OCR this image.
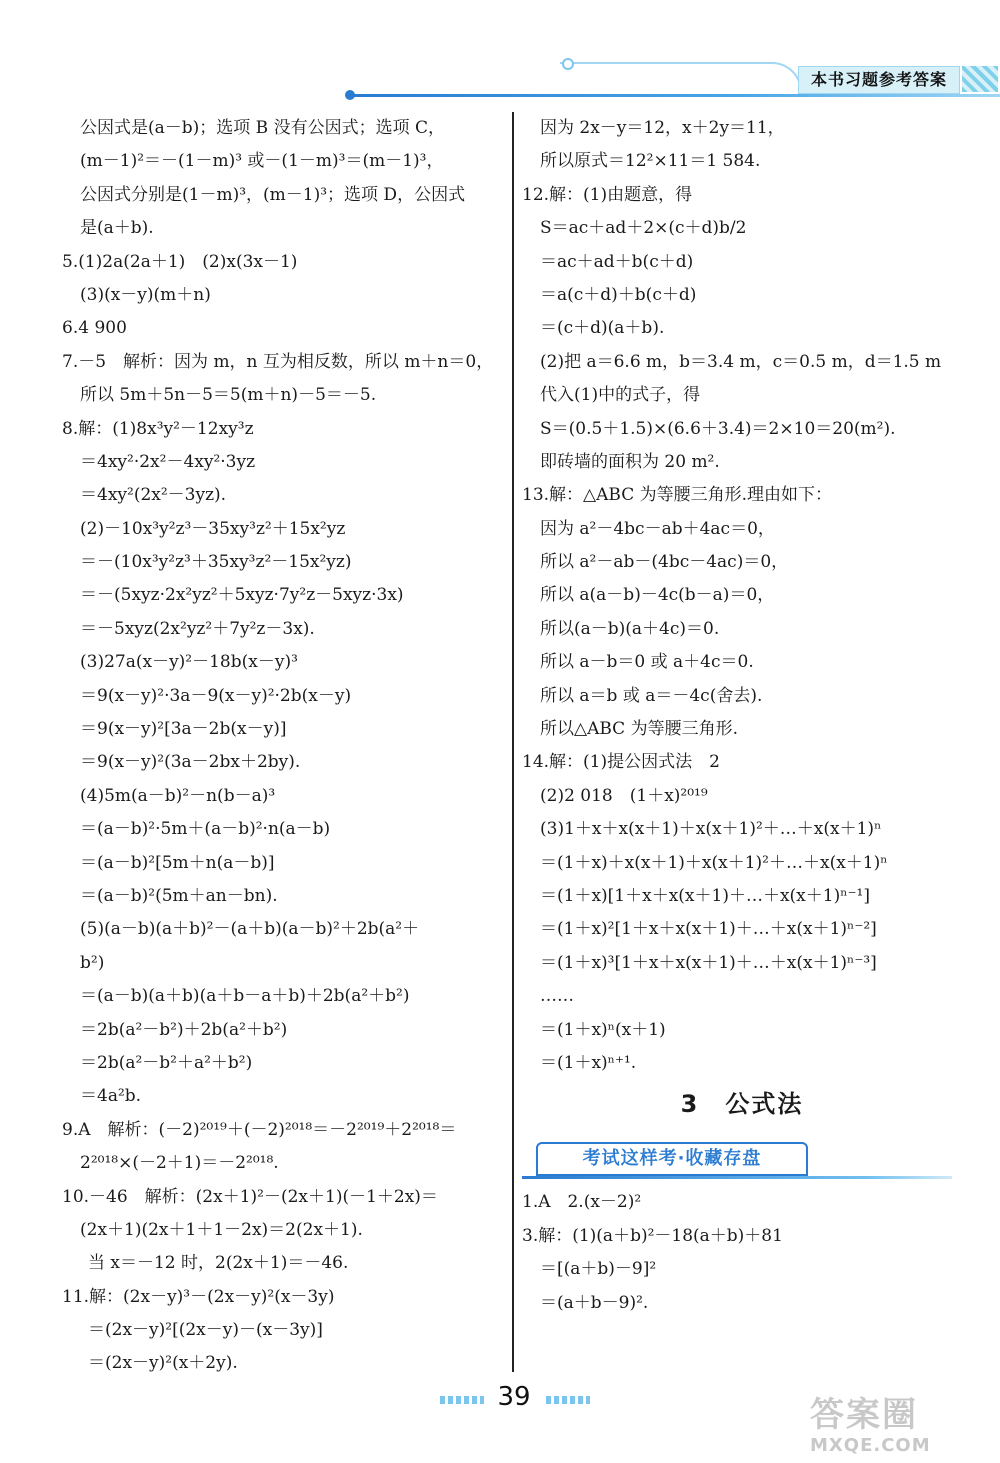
本书习题参考答案
公因式是(a－b)；选项 B 没有公因式；选项 C，
(m－1)²＝－(1－m)³ 或－(1－m)³＝(m－1)³，
公因式分别是(1－m)³，(m－1)³；选项 D，公因式
是(a＋b).
5.(1)2a(2a＋1)　(2)x(3x－1)
(3)(x－y)(m＋n)
6.4 900
7.－5　解析：因为 m，n 互为相反数，所以 m＋n＝0，
所以 5m＋5n－5＝5(m＋n)－5＝－5.
8.解：(1)8x³y²－12xy³z
＝4xy²·2x²－4xy²·3yz
＝4xy²(2x²－3yz).
(2)－10x³y²z³－35xy³z²＋15x²yz
＝－(10x³y²z³＋35xy³z²－15x²yz)
＝－(5xyz·2x²yz²＋5xyz·7y²z－5xyz·3x)
＝－5xyz(2x²yz²＋7y²z－3x).
(3)27a(x－y)²－18b(x－y)³
＝9(x－y)²·3a－9(x－y)²·2b(x－y)
＝9(x－y)²[3a－2b(x－y)]
＝9(x－y)²(3a－2bx＋2by).
(4)5m(a－b)²－n(b－a)³
＝(a－b)²·5m＋(a－b)²·n(a－b)
＝(a－b)²[5m＋n(a－b)]
＝(a－b)²(5m＋an－bn).
(5)(a－b)(a＋b)²－(a＋b)(a－b)²＋2b(a²＋
b²)
＝(a－b)(a＋b)(a＋b－a＋b)＋2b(a²＋b²)
＝2b(a²－b²)＋2b(a²＋b²)
＝2b(a²－b²＋a²＋b²)
＝4a²b.
9.A　解析：(－2)²⁰¹⁹＋(－2)²⁰¹⁸＝－2²⁰¹⁹＋2²⁰¹⁸＝
2²⁰¹⁸×(－2＋1)＝－2²⁰¹⁸.
10.－46　解析：(2x＋1)²－(2x＋1)(－1＋2x)＝
(2x＋1)(2x＋1＋1－2x)＝2(2x＋1).
当 x＝－12 时，2(2x＋1)＝－46.
11.解：(2x－y)³－(2x－y)²(x－3y)
＝(2x－y)²[(2x－y)－(x－3y)]
＝(2x－y)²(x＋2y).
因为 2x－y＝12，x＋2y＝11，
所以原式＝12²×11＝1 584.
12.解：(1)由题意，得
S＝ac＋ad＋2×(c＋d)b/2
＝ac＋ad＋b(c＋d)
＝a(c＋d)＋b(c＋d)
＝(c＋d)(a＋b).
(2)把 a＝6.6 m，b＝3.4 m，c＝0.5 m，d＝1.5 m
代入(1)中的式子，得
S＝(0.5＋1.5)×(6.6＋3.4)＝2×10＝20(m²).
即砖墙的面积为 20 m².
13.解：△ABC 为等腰三角形.理由如下：
因为 a²－4bc－ab＋4ac＝0，
所以 a²－ab－(4bc－4ac)＝0，
所以 a(a－b)－4c(b－a)＝0，
所以(a－b)(a＋4c)＝0.
所以 a－b＝0 或 a＋4c＝0.
所以 a＝b 或 a＝－4c(舍去).
所以△ABC 为等腰三角形.
14.解：(1)提公因式法　2
(2)2 018　(1＋x)²⁰¹⁹
(3)1＋x＋x(x＋1)＋x(x＋1)²＋…＋x(x＋1)ⁿ
＝(1＋x)＋x(x＋1)＋x(x＋1)²＋…＋x(x＋1)ⁿ
＝(1＋x)[1＋x＋x(x＋1)＋…＋x(x＋1)ⁿ⁻¹]
＝(1＋x)²[1＋x＋x(x＋1)＋…＋x(x＋1)ⁿ⁻²]
＝(1＋x)³[1＋x＋x(x＋1)＋…＋x(x＋1)ⁿ⁻³]
……
＝(1＋x)ⁿ(x＋1)
＝(1＋x)ⁿ⁺¹.
3　公式法
考试这样考·收藏存盘
1.A　2.(x－2)²
3.解：(1)(a＋b)²－18(a＋b)＋81
＝[(a＋b)－9]²
＝(a＋b－9)².
39	答案圈
MXQE.COM
